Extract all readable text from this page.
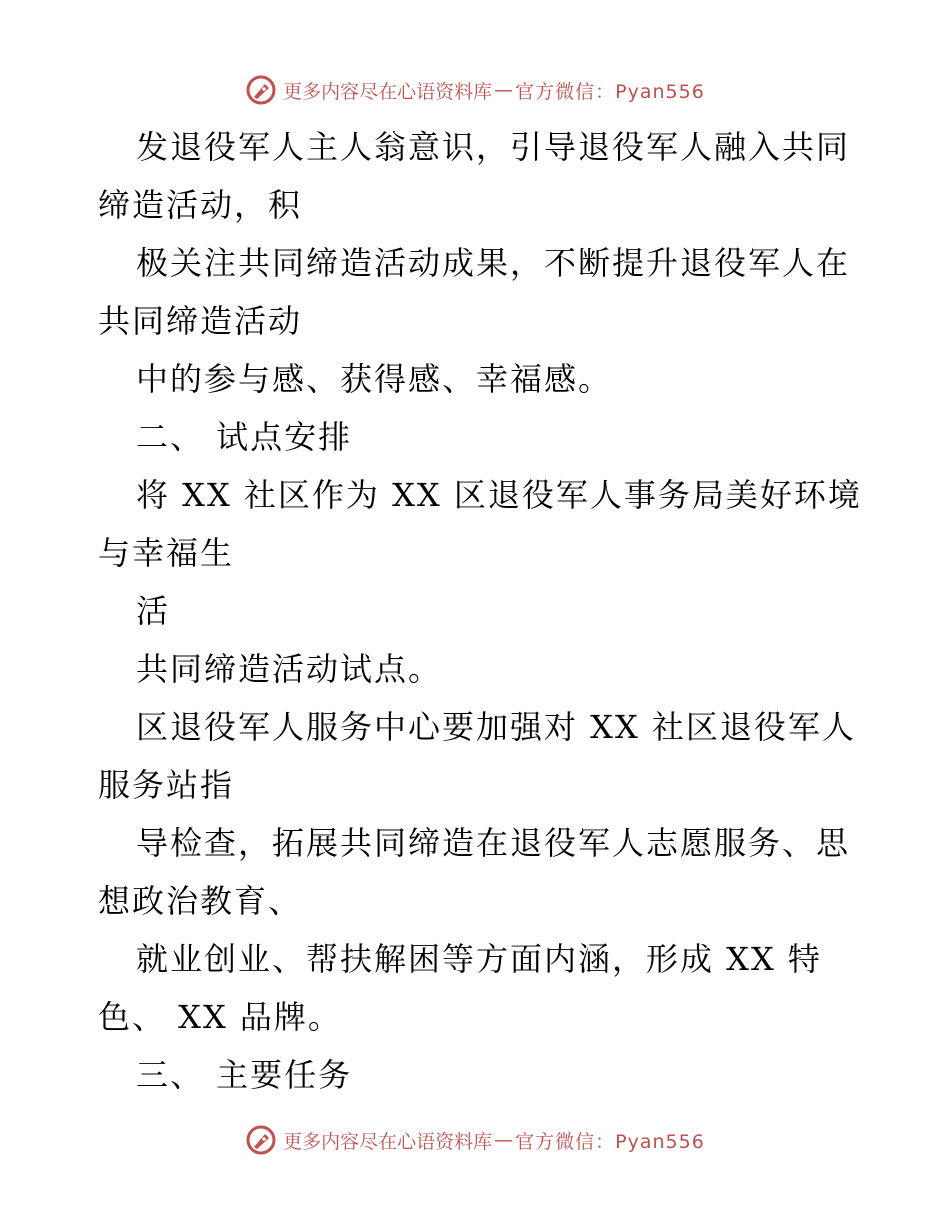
更多内容尽在心语资料库 — 官方微信：Pyan556
发退役军人主人翁意识，引导退役军人融入共同
缔造活动，积
极关注共同缔造活动成果，不断提升退役军人在
共同缔造活动
中的参与感、获得感、幸福感。
二、 试点安排
将 XX 社区作为 XX 区退役军人事务局美好环境
与幸福生
活
共同缔造活动试点。
区退役军人服务中心要加强对 XX 社区退役军人
服务站指
导检查，拓展共同缔造在退役军人志愿服务、思
想政治教育、
就业创业、帮扶解困等方面内涵，形成 XX 特
色、 XX 品牌。
三、 主要任务
更多内容尽在心语资料库 — 官方微信：Pyan556
